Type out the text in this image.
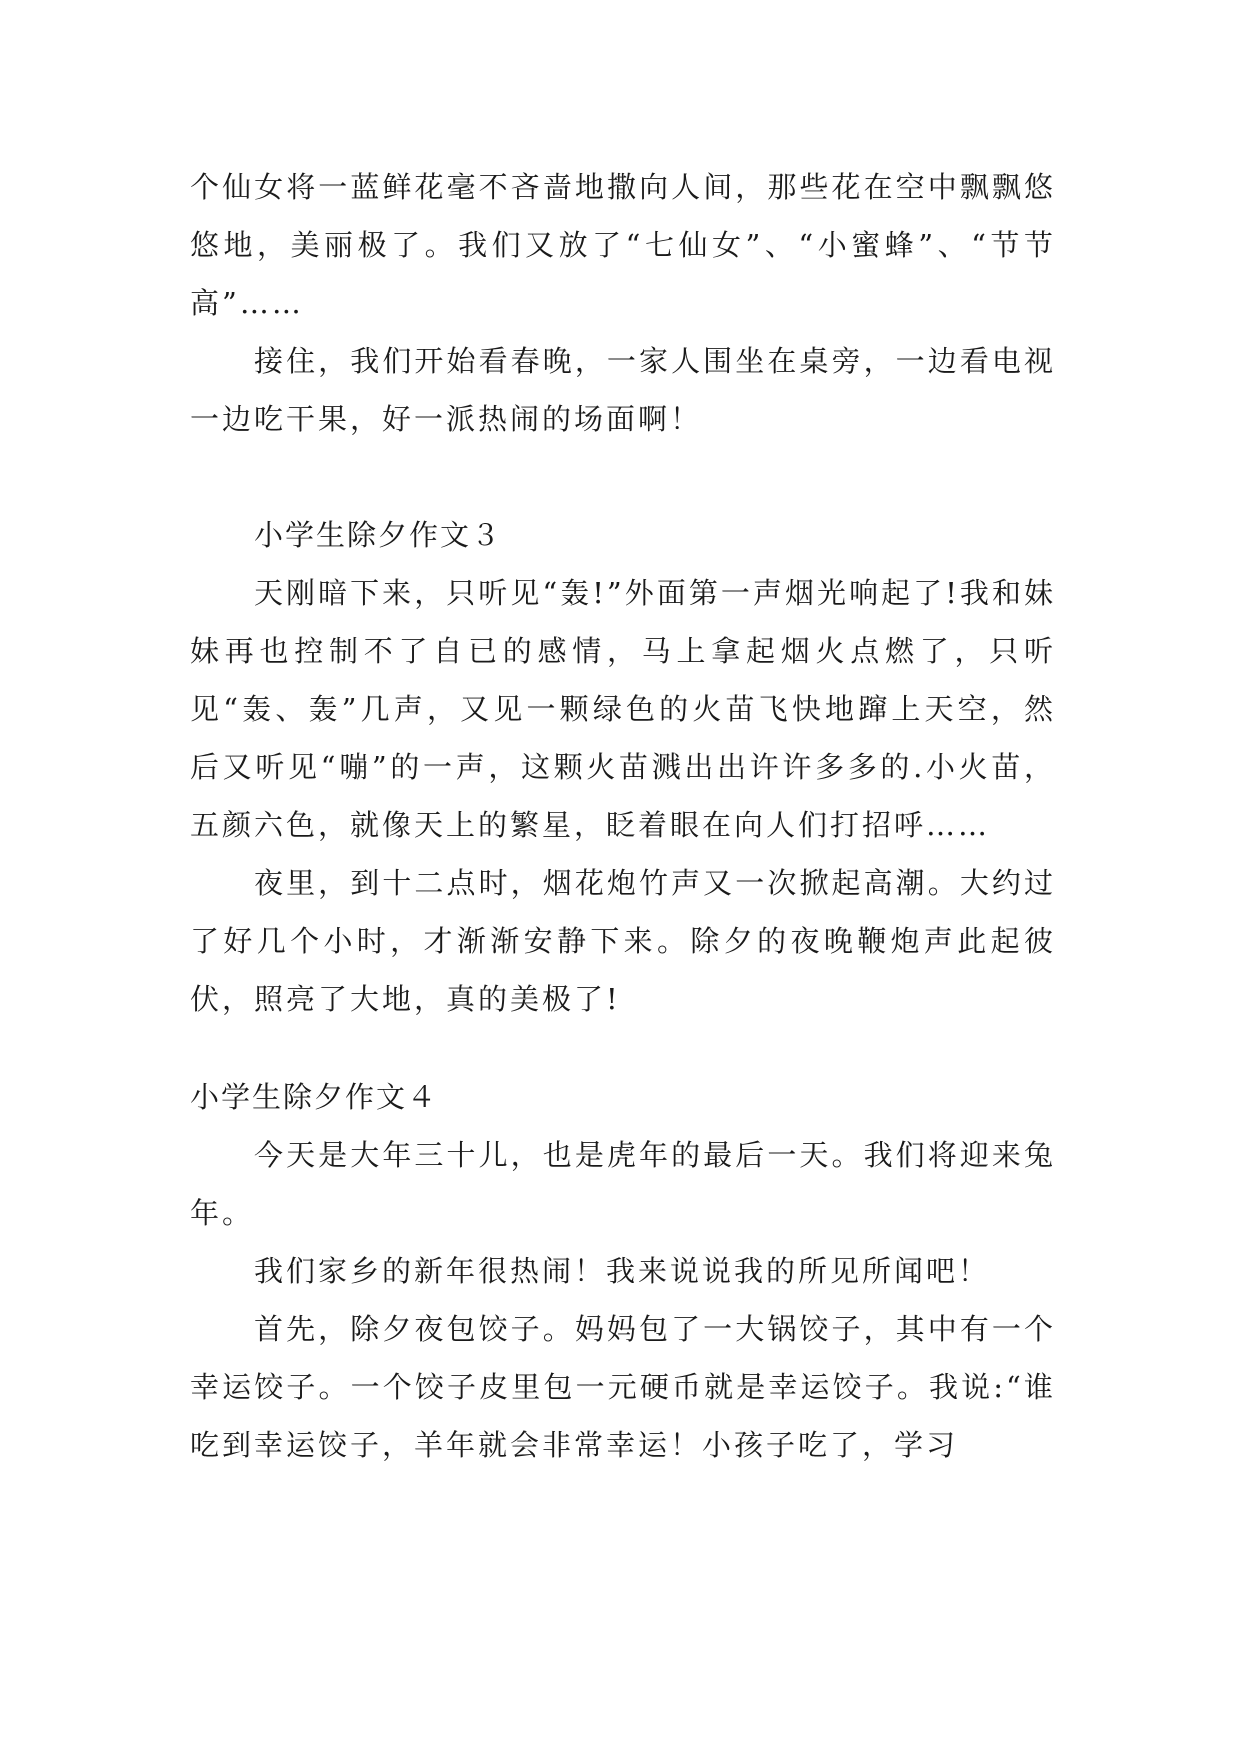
个仙女将一蓝鲜花毫不吝啬地撒向人间，那些花在空中飘飘悠悠地，美丽极了。我们又放了“七仙女”、“小蜜蜂”、“节节高”……

接住，我们开始看春晚，一家人围坐在桌旁，一边看电视一边吃干果，好一派热闹的场面啊！

小学生除夕作文３

天刚暗下来，只听见“轰!”外面第一声烟光响起了!我和妹妹再也控制不了自已的感情，马上拿起烟火点燃了，只听见“轰、轰”几声，又见一颗绿色的火苗飞快地蹿上天空，然后又听见“嘣”的一声，这颗火苗溅出出许许多多的.小火苗，五颜六色，就像天上的繁星，眨着眼在向人们打招呼……

夜里，到十二点时，烟花炮竹声又一次掀起高潮。大约过了好几个小时，才渐渐安静下来。除夕的夜晚鞭炮声此起彼伏，照亮了大地，真的美极了!

小学生除夕作文４

今天是大年三十儿，也是虎年的最后一天。我们将迎来兔年。

我们家乡的新年很热闹！我来说说我的所见所闻吧！

首先，除夕夜包饺子。妈妈包了一大锅饺子，其中有一个幸运饺子。一个饺子皮里包一元硬币就是幸运饺子。我说:“谁吃到幸运饺子，羊年就会非常幸运！小孩子吃了，学习
